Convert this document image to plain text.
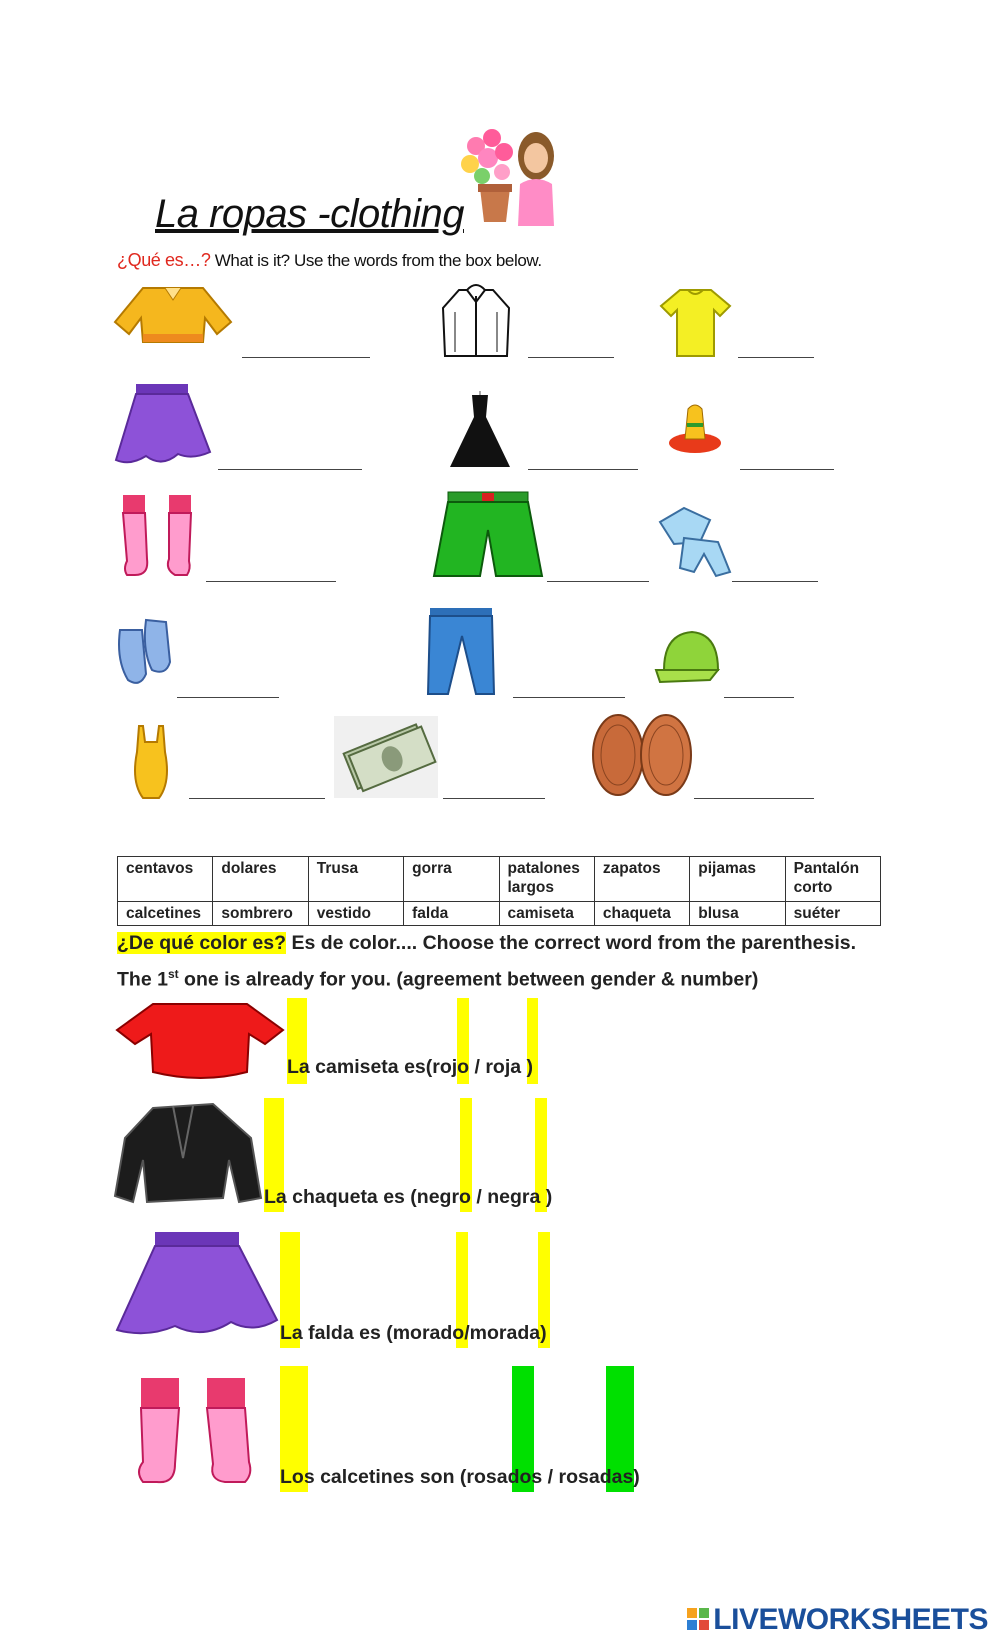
La ropas -clothing
¿Qué es…? What is it? Use the words from the box below.
centavos	dolares	Trusa	gorra	patalones largos	zapatos	pijamas	Pantalón corto
calcetines	sombrero	vestido	falda	camiseta	chaqueta	blusa	suéter
¿De qué color es? Es de color.... Choose the correct word from the parenthesis.
The 1st one is already for you. (agreement between gender & number)
La camiseta es(rojo / roja )
La chaqueta es (negro / negra )
La falda es (morado/morada)
Los calcetines son (rosados / rosadas)
LIVEWORKSHEETS
